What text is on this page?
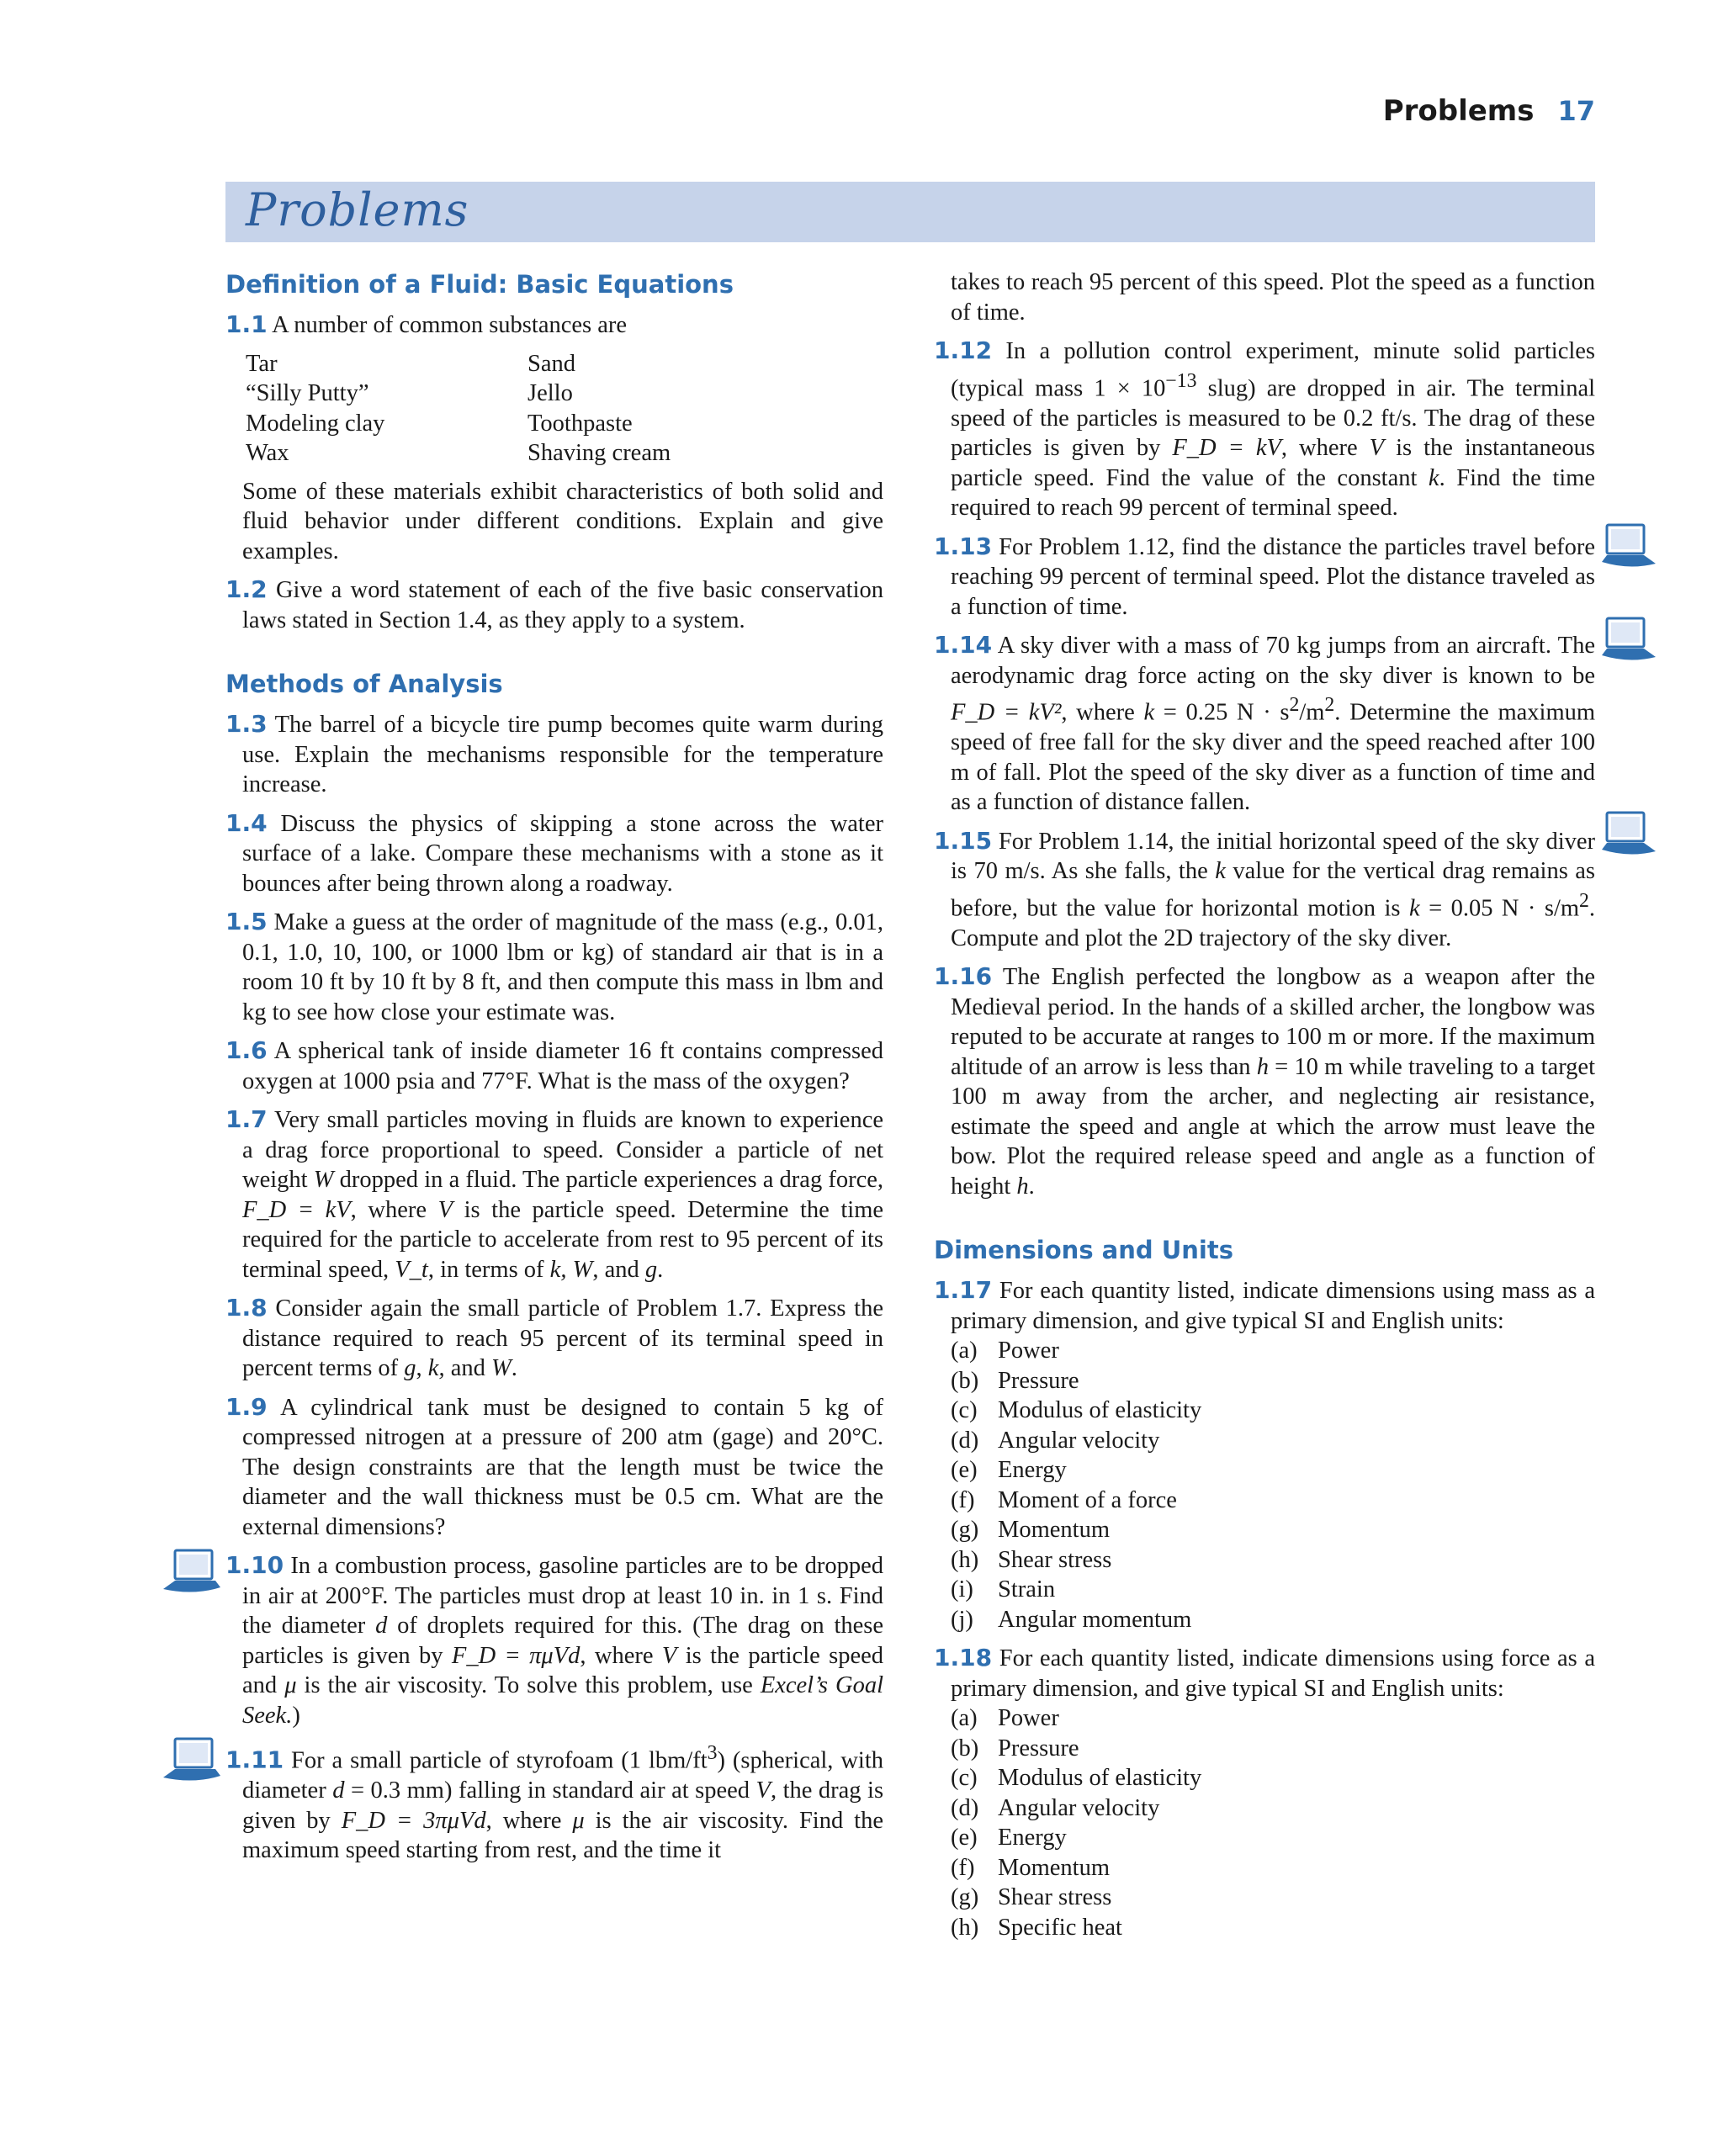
Problems 17
Problems
Definition of a Fluid: Basic Equations
1.1 A number of common substances are
Tar	Sand
“Silly Putty”	Jello
Modeling clay	Toothpaste
Wax	Shaving cream
Some of these materials exhibit characteristics of both solid and fluid behavior under different conditions. Explain and give examples.
1.2 Give a word statement of each of the five basic conservation laws stated in Section 1.4, as they apply to a system.
Methods of Analysis
1.3 The barrel of a bicycle tire pump becomes quite warm during use. Explain the mechanisms responsible for the temperature increase.
1.4 Discuss the physics of skipping a stone across the water surface of a lake. Compare these mechanisms with a stone as it bounces after being thrown along a roadway.
1.5 Make a guess at the order of magnitude of the mass (e.g., 0.01, 0.1, 1.0, 10, 100, or 1000 lbm or kg) of standard air that is in a room 10 ft by 10 ft by 8 ft, and then compute this mass in lbm and kg to see how close your estimate was.
1.6 A spherical tank of inside diameter 16 ft contains compressed oxygen at 1000 psia and 77°F. What is the mass of the oxygen?
1.7 Very small particles moving in fluids are known to experience a drag force proportional to speed. Consider a particle of net weight W dropped in a fluid. The particle experiences a drag force, F_D = kV, where V is the particle speed. Determine the time required for the particle to accelerate from rest to 95 percent of its terminal speed, V_t, in terms of k, W, and g.
1.8 Consider again the small particle of Problem 1.7. Express the distance required to reach 95 percent of its terminal speed in percent terms of g, k, and W.
1.9 A cylindrical tank must be designed to contain 5 kg of compressed nitrogen at a pressure of 200 atm (gage) and 20°C. The design constraints are that the length must be twice the diameter and the wall thickness must be 0.5 cm. What are the external dimensions?
1.10 In a combustion process, gasoline particles are to be dropped in air at 200°F. The particles must drop at least 10 in. in 1 s. Find the diameter d of droplets required for this. (The drag on these particles is given by F_D = πμVd, where V is the particle speed and μ is the air viscosity. To solve this problem, use Excel’s Goal Seek.)
1.11 For a small particle of styrofoam (1 lbm/$ft^3$) (spherical, with diameter d = 0.3 mm) falling in standard air at speed V, the drag is given by F_D = 3πμVd, where μ is the air viscosity. Find the maximum speed starting from rest, and the time it
takes to reach 95 percent of this speed. Plot the speed as a function of time.
1.12 In a pollution control experiment, minute solid particles (typical mass $1 \times 10^{-13}$ slug) are dropped in air. The terminal speed of the particles is measured to be 0.2 ft/s. The drag of these particles is given by F_D = kV, where V is the instantaneous particle speed. Find the value of the constant k. Find the time required to reach 99 percent of terminal speed.
1.13 For Problem 1.12, find the distance the particles travel before reaching 99 percent of terminal speed. Plot the distance traveled as a function of time.
1.14 A sky diver with a mass of 70 kg jumps from an aircraft. The aerodynamic drag force acting on the sky diver is known to be F_D = kV², where k = 0.25 $N \cdot s^2/m^2$. Determine the maximum speed of free fall for the sky diver and the speed reached after 100 m of fall. Plot the speed of the sky diver as a function of time and as a function of distance fallen.
1.15 For Problem 1.14, the initial horizontal speed of the sky diver is 70 m/s. As she falls, the k value for the vertical drag remains as before, but the value for horizontal motion is k = 0.05 $N \cdot s/m^2$. Compute and plot the 2D trajectory of the sky diver.
1.16 The English perfected the longbow as a weapon after the Medieval period. In the hands of a skilled archer, the longbow was reputed to be accurate at ranges to 100 m or more. If the maximum altitude of an arrow is less than h = 10 m while traveling to a target 100 m away from the archer, and neglecting air resistance, estimate the speed and angle at which the arrow must leave the bow. Plot the required release speed and angle as a function of height h.
Dimensions and Units
1.17 For each quantity listed, indicate dimensions using mass as a primary dimension, and give typical SI and English units:
(a) Power
(b) Pressure
(c) Modulus of elasticity
(d) Angular velocity
(e) Energy
(f) Moment of a force
(g) Momentum
(h) Shear stress
(i)	Strain
(j)	Angular momentum
1.18 For each quantity listed, indicate dimensions using force as a primary dimension, and give typical SI and English units:
(a) Power
(b) Pressure
(c) Modulus of elasticity
(d) Angular velocity
(e) Energy
(f) Momentum
(g) Shear stress
(h) Specific heat
